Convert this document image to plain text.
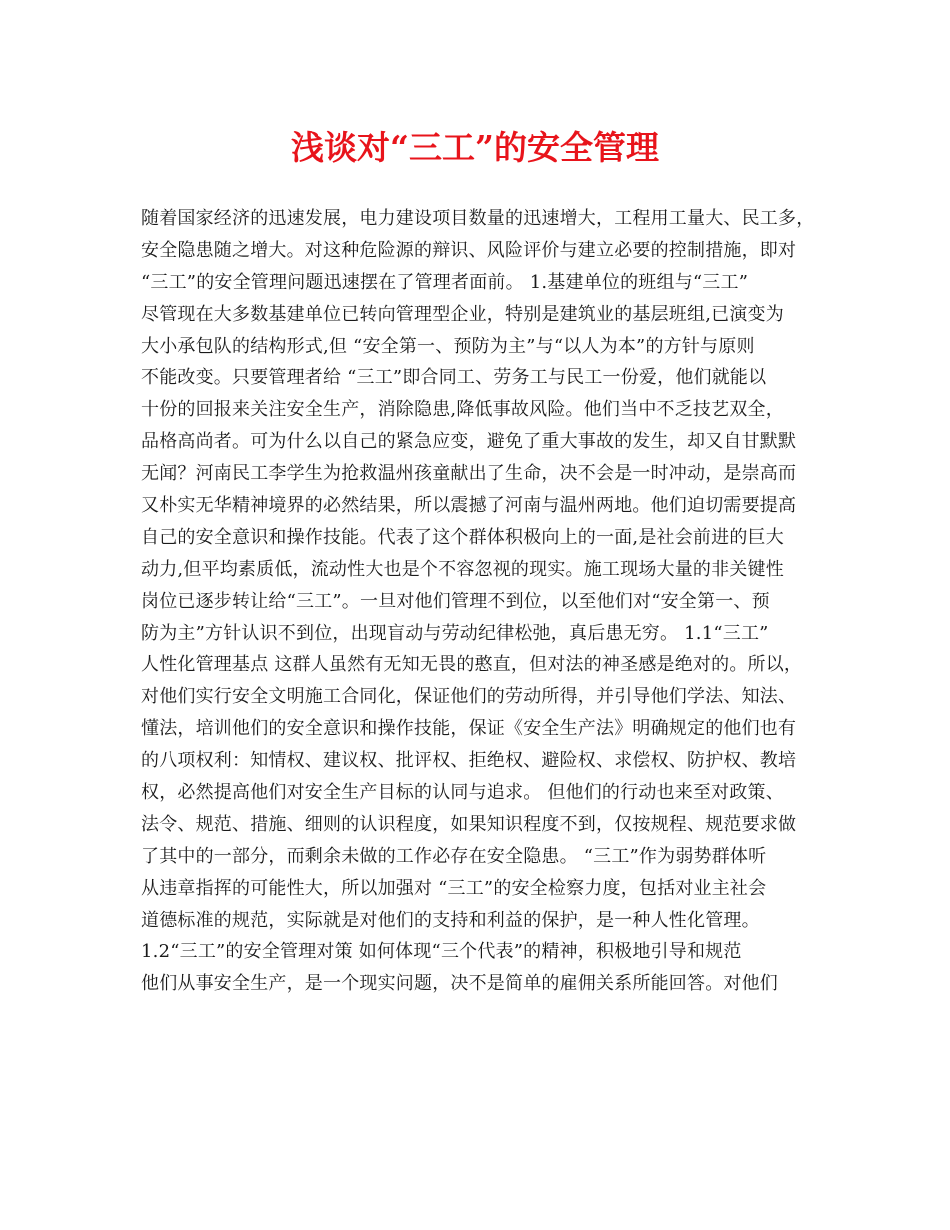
浅谈对“三工”的安全管理
随着国家经济的迅速发展，电力建设项目数量的迅速增大，工程用工量大、民工多，
安全隐患随之增大。对这种危险源的辩识、风险评价与建立必要的控制措施，即对
“三工”的安全管理问题迅速摆在了管理者面前。 1.基建单位的班组与“三工”
尽管现在大多数基建单位已转向管理型企业，特别是建筑业的基层班组,已演变为
大小承包队的结构形式,但 “安全第一、预防为主”与“以人为本”的方针与原则
不能改变。只要管理者给 “三工”即合同工、劳务工与民工一份爱，他们就能以
十份的回报来关注安全生产，消除隐患,降低事故风险。他们当中不乏技艺双全，
品格高尚者。可为什么以自己的紧急应变，避免了重大事故的发生，却又自甘默默
无闻？河南民工李学生为抢救温州孩童献出了生命，决不会是一时冲动，是崇高而
又朴实无华精神境界的必然结果，所以震撼了河南与温州两地。他们迫切需要提高
自己的安全意识和操作技能。代表了这个群体积极向上的一面,是社会前进的巨大
动力,但平均素质低，流动性大也是个不容忽视的现实。施工现场大量的非关键性
岗位已逐步转让给“三工”。一旦对他们管理不到位，以至他们对“安全第一、预
防为主”方针认识不到位，出现盲动与劳动纪律松弛，真后患无穷。 1.1“三工”
人性化管理基点 这群人虽然有无知无畏的憨直，但对法的神圣感是绝对的。所以，
对他们实行安全文明施工合同化，保证他们的劳动所得，并引导他们学法、知法、
懂法，培训他们的安全意识和操作技能，保证《安全生产法》明确规定的他们也有
的八项权利：知情权、建议权、批评权、拒绝权、避险权、求偿权、防护权、教培
权，必然提高他们对安全生产目标的认同与追求。 但他们的行动也来至对政策、
法令、规范、措施、细则的认识程度，如果知识程度不到，仅按规程、规范要求做
了其中的一部分，而剩余未做的工作必存在安全隐患。 “三工”作为弱势群体听
从违章指挥的可能性大，所以加强对 “三工”的安全检察力度，包括对业主社会
道德标准的规范，实际就是对他们的支持和利益的保护，是一种人性化管理。
1.2“三工”的安全管理对策 如何体现“三个代表”的精神，积极地引导和规范
他们从事安全生产，是一个现实问题，决不是简单的雇佣关系所能回答。对他们
